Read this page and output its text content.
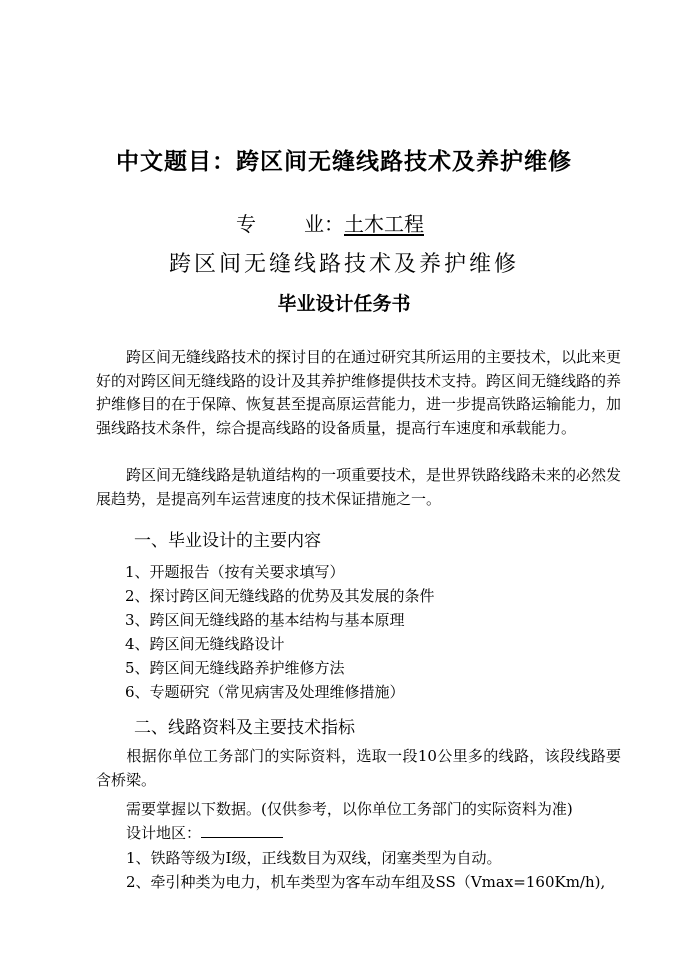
中文题目：跨区间无缝线路技术及养护维修
专 业：土木工程
跨区间无缝线路技术及养护维修
毕业设计任务书
跨区间无缝线路技术的探讨目的在通过研究其所运用的主要技术，以此来更好的对跨区间无缝线路的设计及其养护维修提供技术支持。跨区间无缝线路的养护维修目的在于保障、恢复甚至提高原运营能力，进一步提高铁路运输能力，加强线路技术条件，综合提高线路的设备质量，提高行车速度和承载能力。
跨区间无缝线路是轨道结构的一项重要技术，是世界铁路线路未来的必然发展趋势，是提高列车运营速度的技术保证措施之一。
一、毕业设计的主要内容
1、开题报告（按有关要求填写）
2、探讨跨区间无缝线路的优势及其发展的条件
3、跨区间无缝线路的基本结构与基本原理
4、跨区间无缝线路设计
5、跨区间无缝线路养护维修方法
6、专题研究（常见病害及处理维修措施）
二、线路资料及主要技术指标
根据你单位工务部门的实际资料，选取一段10公里多的线路，该段线路要含桥梁。
需要掌握以下数据。(仅供参考，以你单位工务部门的实际资料为准)
设计地区：
1、铁路等级为Ⅰ级，正线数目为双线，闭塞类型为自动。
2、牵引种类为电力，机车类型为客车动车组及SS（Vmax=160Km/h),
